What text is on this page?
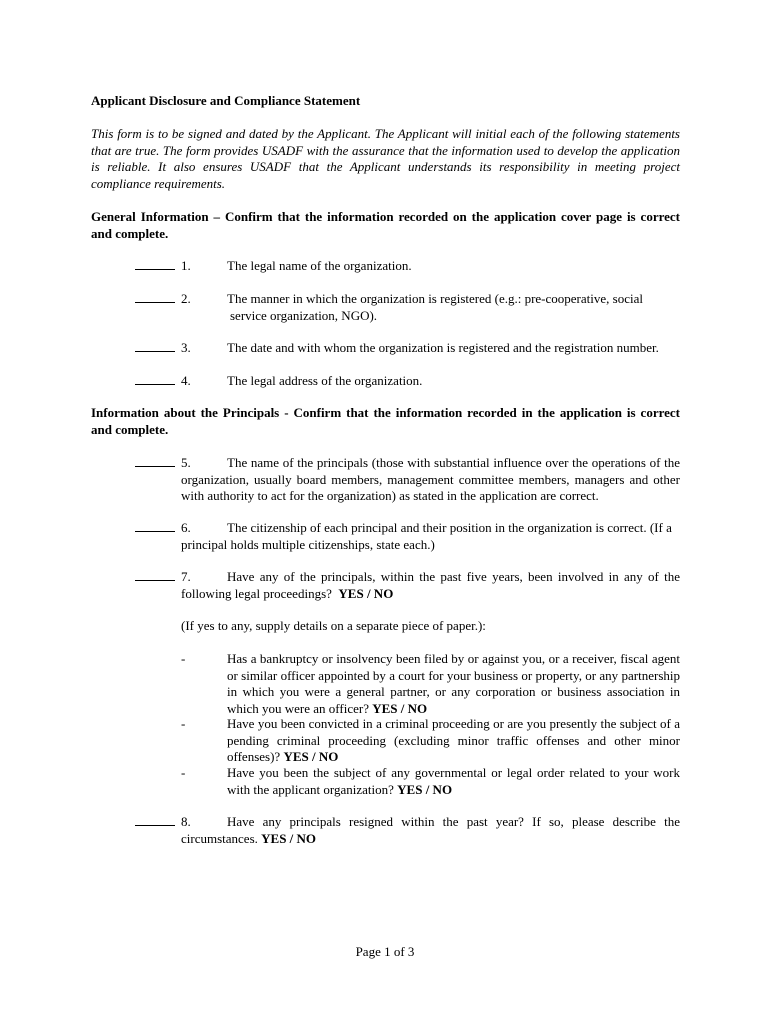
Applicant Disclosure and Compliance Statement
This form is to be signed and dated by the Applicant. The Applicant will initial each of the following statements that are true. The form provides USADF with the assurance that the information used to develop the application is reliable. It also ensures USADF that the Applicant understands its responsibility in meeting project compliance requirements.
General Information – Confirm that the information recorded on the application cover page is correct and complete.
1.	The legal name of the organization.
2.	The manner in which the organization is registered (e.g.: pre-cooperative, social
service organization, NGO).
3.	The date and with whom the organization is registered and the registration number.
4.	The legal address of the organization.
Information about the Principals - Confirm that the information recorded in the application is correct and complete.
5.	The name of the principals (those with substantial influence over the operations of the organization, usually board members, management committee members, managers and other with authority to act for the organization) as stated in the application are correct.
6.	The citizenship of each principal and their position in the organization is correct. (If a principal holds multiple citizenships, state each.)
7.	Have any of the principals, within the past five years, been involved in any of the following legal proceedings? YES / NO
(If yes to any, supply details on a separate piece of paper.):
-	Has a bankruptcy or insolvency been filed by or against you, or a receiver, fiscal agent or similar officer appointed by a court for your business or property, or any partnership in which you were a general partner, or any corporation or business association in which you were an officer? YES / NO
-	Have you been convicted in a criminal proceeding or are you presently the subject of a pending criminal proceeding (excluding minor traffic offenses and other minor offenses)? YES / NO
-	Have you been the subject of any governmental or legal order related to your work with the applicant organization? YES / NO
8.	Have any principals resigned within the past year? If so, please describe the circumstances. YES / NO
Page 1 of 3
